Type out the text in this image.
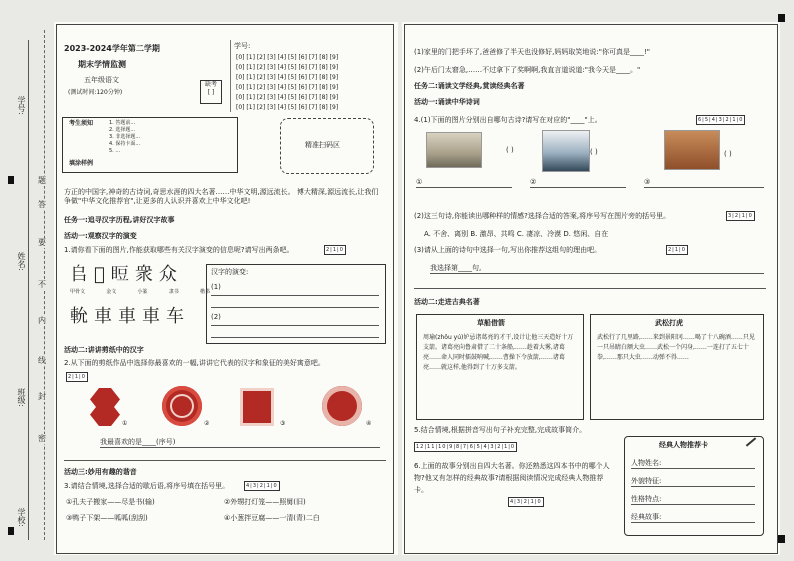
学号:
姓名:
班级:
学校:
题
答
要
不
内
线
封
密
2023-2024学年第二学期
期末学情监测
五年级语文
(测试时间:120分钟)
缺考
[ ]
学号:
[0] [1] [2] [3] [4] [5] [6] [7] [8] [9]
[0] [1] [2] [3] [4] [5] [6] [7] [8] [9]
[0] [1] [2] [3] [4] [5] [6] [7] [8] [9]
[0] [1] [2] [3] [4] [5] [6] [7] [8] [9]
[0] [1] [2] [3] [4] [5] [6] [7] [8] [9]
[0] [1] [2] [3] [4] [5] [6] [7] [8] [9]
考生须知	1. 答题前...
2. 选择题...
3. 非选择题...
4. 保持卡面...
5. ...
填涂样例
精准扫码区
方正的中国字,神奇的古诗词,奇思水涯的四大名著……中华文明,源远流长。 博大精深,源远流长,让我们争做"中华文化推荐官",让更多的人认识并喜欢上中华文化吧!
任务一:追寻汉字历程,讲好汉字故事
活动一:观察汉字的演变
1.请你看下面的图片,作能获取哪些有关汉字演变的信息呢?请写出两条吧。	2|1|0
𠂤 𥄄 𥆖 衆 众
甲骨文	金文	小篆	隶书	楷书
𨋍 車 車 車 车
汉字的演变:
(1)
(2)
活动二:讲讲剪纸中的汉字
2.从下面的剪纸作品中选择你最喜欢的一幅,讲讲它代表的汉字和象征的美好寓意吧。
2|1|0
①	②	③	④
我最喜欢的是____(序号)
活动三:妙用有趣的谐音
3.请结合情境,选择合适的歇后语,将序号填在括号里。	4|3|2|1|0
①孔夫子搬家——尽是书(输)	②外甥打灯笼——照舅(旧)
③鸭子下架——呱呱(刮刮)	④小葱拌豆腐——一清(青)二白
(1)家里的门把手坏了,爸爸修了半天也没修好,妈妈取笑地说:"你可真是____!"
(2)午后门太窘急,……不过拿下了奖啊啊,我直言道说道:"我今天是____。"
任务二:诵读文学经典,赏读经典名著
活动一:诵读中华诗词
4.(1)下面的图片分别出自哪句古诗?请写在对应的"____"上。	6|5|4|3|2|1|0
( )	( )	( )
①	②	③
(2)这三句诗,你能读出哪种样的情感?选择合适的答案,将序号写在图片旁的括号里。	3|2|1|0
A. 不舍、离别 B. 激昂、共鸣 C. 凄凉、冷漠 D. 悠闲、自在
(3)请从上面的诗句中选择一句,写出你推荐这组句的理由吧。	2|1|0
我选择第____句,
活动二:走进古典名著
草船借箭
周瑜(zhōu yú)妒忌诸葛亮的才干,设计让他三天造好十万支箭。诸葛亮向鲁肃借了二十条船,……趁着大雾,诸葛亮……命人同时擂鼓呐喊,……曹操下令放箭,……诸葛亮……就这样,他得到了十万多支箭。
武松打虎
武松行了几里路,……来到景阳冈……喝了十八碗酒……只见一只吊睛白额大虫……武松一个闪身,……一连打了五七十拳,……那只大虫……动弹不得……
5.结合情境,根据拼音写出句子补充完整,完成故事简介。
12|11|10|9|8|7|6|5|4|3|2|1|0
6.上面的故事分别出自四大名著。你还熟悉这四本书中的哪个人物?他又有怎样的经典故事?请根据阅读情况完成经典人物推荐卡。
4|3|2|1|0
经典人物推荐卡
人物姓名:
外貌特征:
性格特点:
经典故事:
